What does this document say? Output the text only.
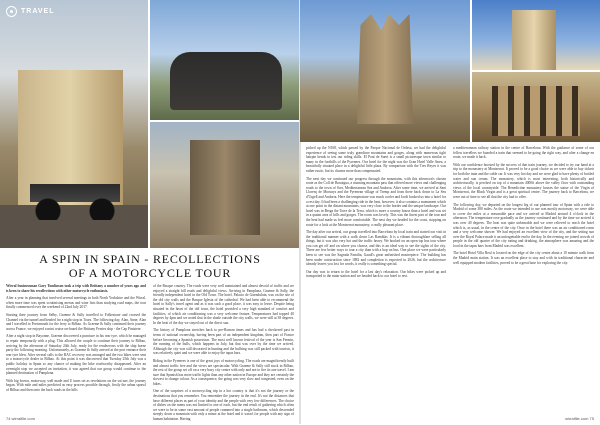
TRAVEL

A SPIN IN SPAIN - RECOLLECTIONS

OF A MOTORCYCLE TOUR

Wirral businessman Gary Tomlinson took a trip with Brittany a number of years ago and is keen to share his recollections with other motorcycle enthusiasts.

After a year in planning that involved several meetings in both North Yorkshire and the Wirral, when more time was spent scrutinising menus and wine lists than studying road maps, the tour finally commenced over the weekend of 22nd July 2017.

Starting their journey from Selby, Graeme & Sally travelled to Folkestone and crossed the Channel via the tunnel and headed for a night stop in Tours. The following day, Alan, Anne, Alan and I travelled to Portsmouth for the ferry to Bilbao. As Graeme & Sally continued their journey across France, we enjoyed a mini cruise on-board the Brittany Ferries ship - the Cap Finistere.

After a night stop in Bayonne, Graeme discovered a puncture in his rear tyre, which he managed to repair temporarily with a plug. This allowed the couple to continue their journey to Bilbao, arriving by the afternoon of Saturday 24th July, ready for the rendezvous with the ship borne party the following morning. Unfortunately, as Graeme & Sally arrived at the port entrance their rear tyre blew. After several calls to the RAC recovery was arranged and the two bikes were sent to a motorcycle dealer in Bilbao. At this point it was discovered that Tuesday 25th July was a public holiday in Spain so any chance of making the bike roadworthy disappeared. After an overnight stop we accepted an invitation, it was agreed that our group would continue to the planned destination of Pamplona.

With big brown, motorway, well made and U turns set as revelations on the sat nav, the journey began. With mile and miles predicted as easy process possible through, firstly the urban sprawl of Bilbao and then onto the back roads in the hills

of the Basque country. The roads were very well maintained and almost devoid of traffic and we enjoyed a straight hill roads and delightful views. Arriving in Pamplona, Graeme & Sally, the friendly independent hotel in the Old Town. The hotel, Palacio de Guendulain, was on the site of the old city walls and the Basque Iglesia of the cathedral. We had been able to recommend the hotel to Sally's travel agent and as it was such a good place, it was easy to leave. Despite being situated in the heart of the old town, the hotel provided a very high standard of comfort and facilities, of which air conditioning was a very welcome feature. Temperatures had topped 40 degrees by 4pm and we noted that in the shade outside the city walls, we were still at 38 degrees. In the heat of the day we stayed out of the direct sun.

The history of Pamplona stretches back to pre-Roman times and has had a checkered past in terms of national ownership, having been part of an independent kingdom, then part of France before becoming a Spanish possession. The most well known festival of the year is San Fermin, the running of the bulls, which happens in July, but that was over by the time we arrived. Although the city was still decorated in bunting and the bullring was still packed with tourists, it was relatively quiet and we were able to enjoy the tapas bars.

Riding in the Pyrenees is one of the great joys of motorcycling. The roads are magnificently built and almost traffic free and the views are spectacular. With Graeme & Sally still stuck in Bilbao, the rest of the group set off on a very busy city centre with only and not to fire its one travel. I am sure that Spanish has more traffic lights than any other nation in Europe and they are certainly the slowest to change colour. As a consequence, the going was very slow and congested, even on the bikes.

One of the surprises of a motorcycling trip in a hot country is that it's not the journey or the destinations that you remember. You remember the journey in the end. It's not the distances that have different places as part of your identity and the people with very few differences. The choice of dishes on the menu was not limited to one of each, but the end result of gathering which often we were to be in some vast amount of people crammed into a single bathroom, which descended steeply down a mountain with only a minor at the hotel and it wasn't for people with any sign of human habitation. Having

74 wirralfile.com

picked up the N168, which passed by the Parque Nacional de Ordesa, we had the delightful experience of seeing some truly grandiose mountains and gorges, along with numerous tight hairpin bends to test our riding skills. El Pont de Suert is a small picturesque town similar to many in the foothills of the Pyrenees. Our hotel for the night was the Gran Hotel Valle Aneu, a beautifully situated place in a delightful little plaza. By comparison with the Tres Reyes it was rather rustic, but its charms more than compensated.

The next day we continued our progress through the mountains, with this afternoon's chosen route as the Coll de Bonaigua, a stunning mountain pass that offered more views and challenging roads to the town of Sort, Mediterranean Sea and Andorra. After some time, we arrived at Sant Llorenç de Morunys and the Pyrenean village of Tremp and from there back down to La Seu d'Urgell and Andorra. Here the temperature was much cooler and Jordi booked us into a hotel for a rest day. It had been a challenging ride in the heat, however, it also contains a monument which at one point in the distant mountains, was very close to the border and the unique landscape. Our hotel was in Berga the Torre de la Terra, which is more a country house than a hotel and was set in a quaint area of hills and gorges. The room was lovely. This was the finest part of the tour and the heat had made us feel more comfortable. The next day we headed for the coast, stopping on route for a look at the Montserrat monastery, a really pleasant place.

The day after our arrival, our group travelled into Barcelona by local train and started our visit in the traditional manner with a walk down Las Ramblas. It is a vibrant thoroughfare selling all things, but it was also very hot and the traffic heavy. We booked on an open top bus tour where you can get off and on where you choose, and this is an ideal way to see the sights of the city. There are few better ways to tour a city than with a hop on bus. One place we were particularly keen to see was the Sagrada Familia, Gaudi's great unfinished masterpiece. The building has been under construction since 1882 and completion is expected in 2026, but the architecture already leaves you lost for words, it really is something special.

Our day was to return to the hotel for a last day's relaxation. Our bikes were picked up and transported to the main station and we headed back to our hotel to rest.

a mediterranean railway station in the centre of Barcelona. With the guidance of some of our fellow travellers we boarded a train that seemed to be going the right way, and after a change en route, we made it back.

With our confidence boosted by the success of that train journey, we decided to try our hand at a trip to the monastery at Montserrat. It proved to be a good choice as we were able to buy tickets for both the train and the cable car. It was very hot day and we were glad to have plenty of bottled water and sun cream. The monastery, which is most interesting, both historically and architecturally, is perched on top of a mountain 4000ft above the valley floor with outstanding views of the local countryside. The Benedictine monastery houses the statue of the Virgin of Montserrat, the Black Virgin and is a great spiritual centre. The journey back to Barcelona, we were out of time to see all that the city had to offer.

The following day, we departed on the longest leg of our planned tour of Spain with a ride to Madrid of some 380 miles. As the route we intended to use was mostly motorway, we were able to cover the miles at a reasonable pace and we arrived at Madrid around 4 o'clock in the afternoon. The temperature rose gradually as the journey continued and by the time we arrived it was over 40 degrees. The heat was quite unbearable and we were relieved to reach the hotel which is, as usual, in the centre of the city. Once in the hotel there was an air conditioned room and a very welcome shower. We had enjoyed an excellent view of the city, and the setting sun over the Royal Palace made it an unforgettable end to the day. In the evening we joined crowds of people in the old quarter of the city eating and drinking, the atmosphere was amazing and the food in the tapas bars from Madrid was excellent.

The hotel Hotel Villa Real is located on the edge of the city centre about a 10 minute walk from the Madrid main station. It was an excellent place to stay and with its traditional character and well equipped modern facilities, proved to be a great base for exploring the city.

wirralfile.com 75
